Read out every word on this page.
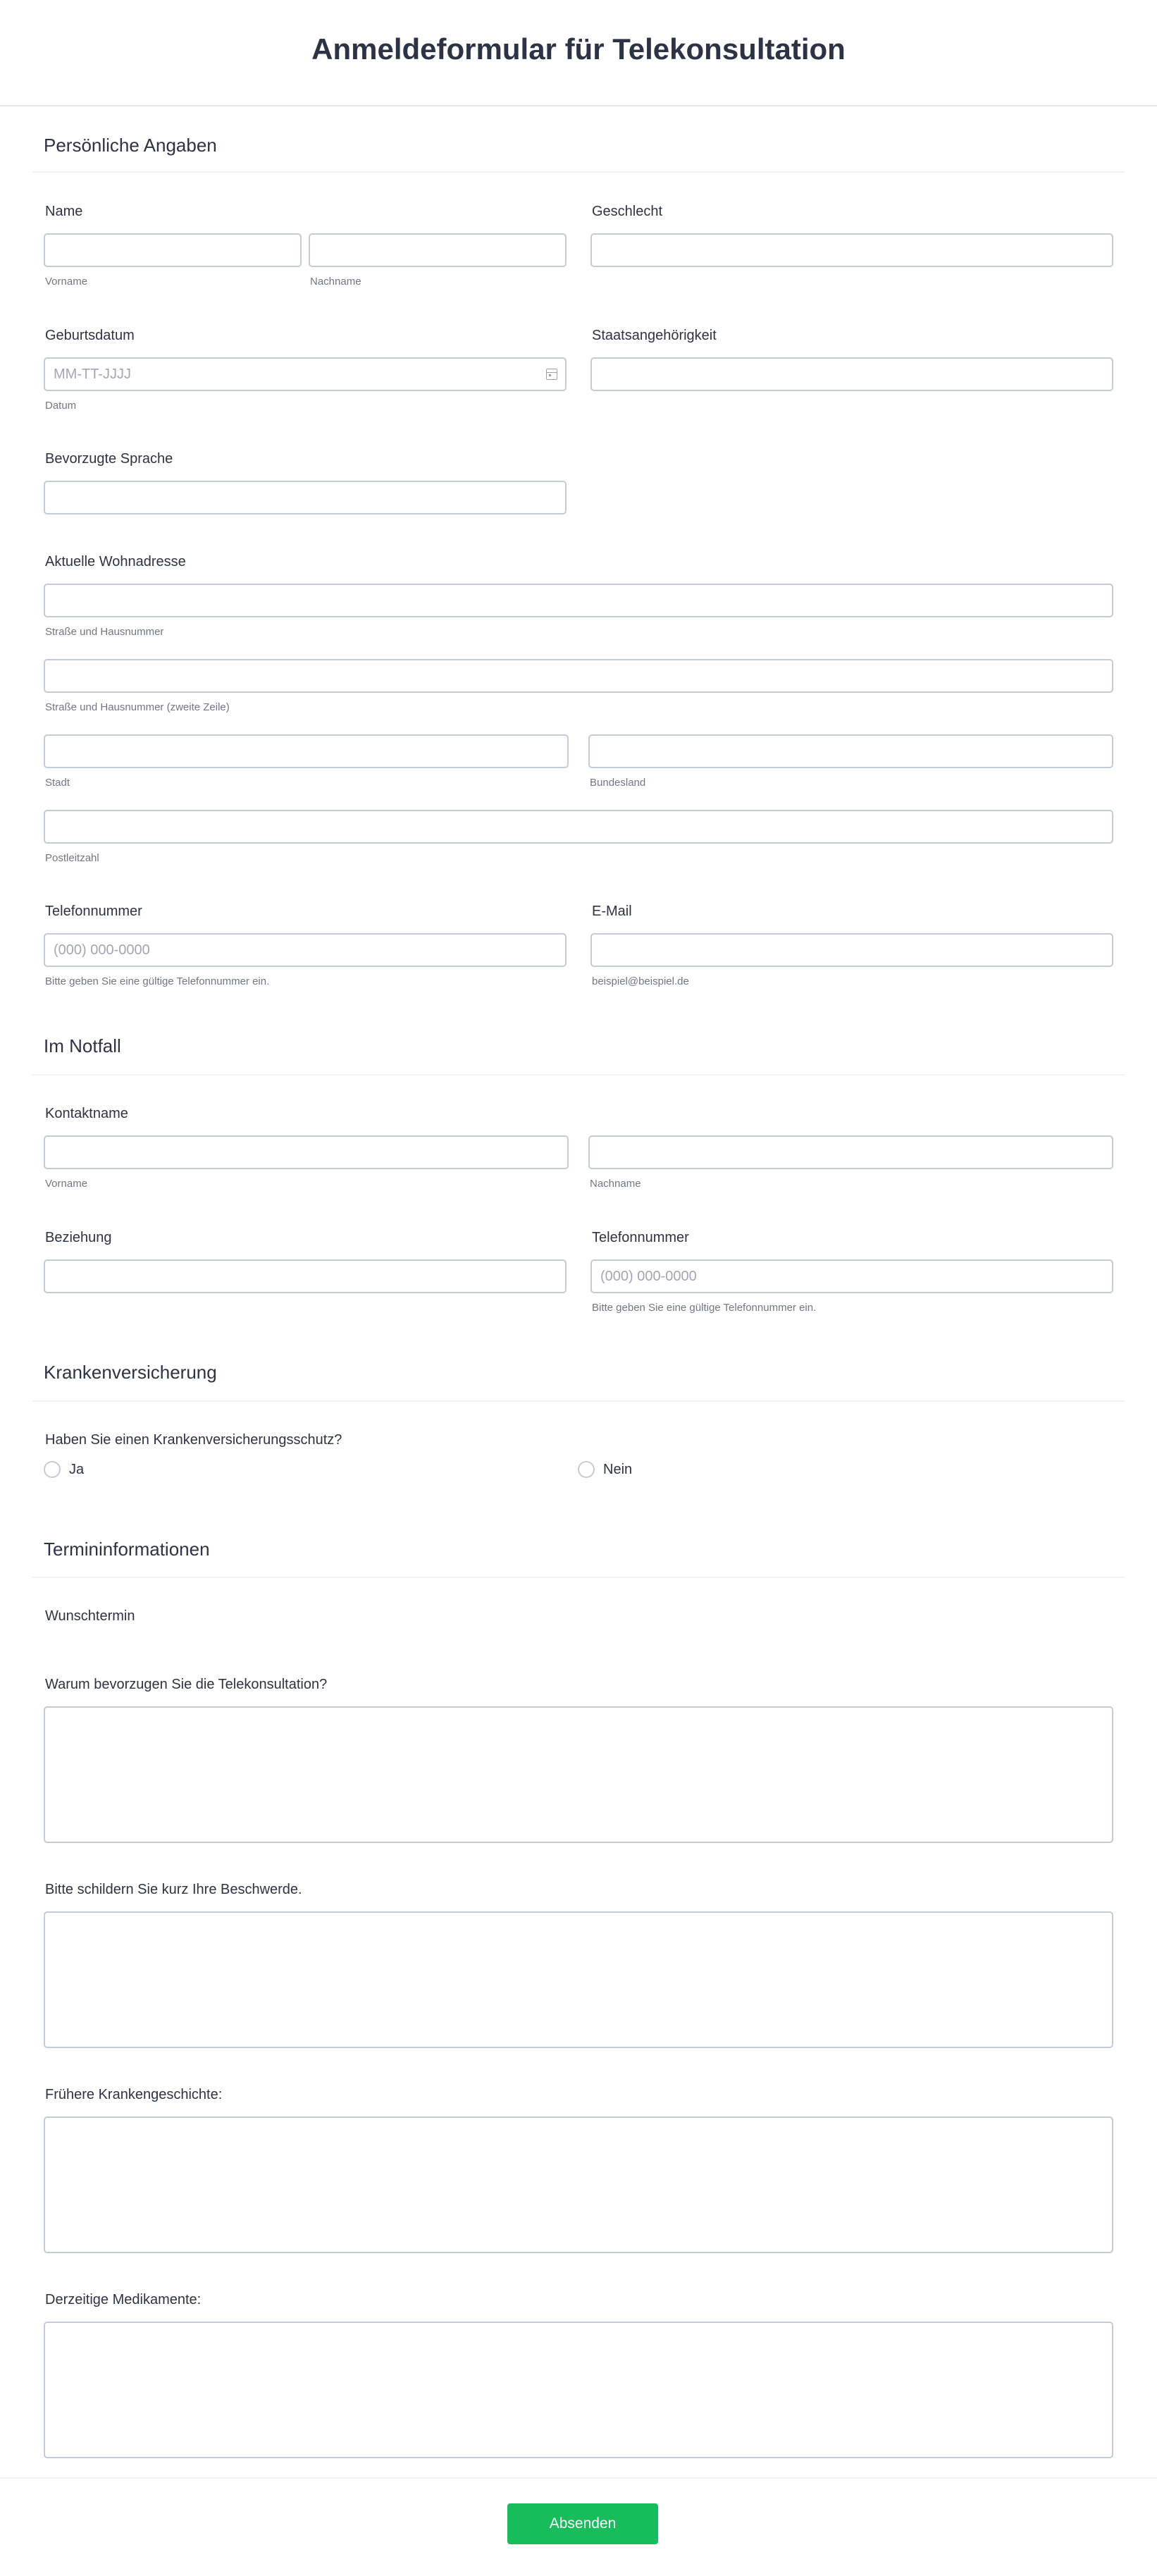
Anmeldeformular für Telekonsultation
Persönliche Angaben
Name
Vorname	Nachname
Geschlecht
Geburtsdatum
MM-TT-JJJJ
Datum
Staatsangehörigkeit
Bevorzugte Sprache
Aktuelle Wohnadresse
Straße und Hausnummer
Straße und Hausnummer (zweite Zeile)
Stadt	Bundesland
Postleitzahl
Telefonnummer
(000) 000-0000
Bitte geben Sie eine gültige Telefonnummer ein.
E-Mail
beispiel@beispiel.de
Im Notfall
Kontaktname
Vorname	Nachname
Beziehung	Telefonnummer
(000) 000-0000
Bitte geben Sie eine gültige Telefonnummer ein.
Krankenversicherung
Haben Sie einen Krankenversicherungsschutz?
Ja	Nein
Termininformationen
Wunschtermin
Warum bevorzugen Sie die Telekonsultation?
Bitte schildern Sie kurz Ihre Beschwerde.
Frühere Krankengeschichte:
Derzeitige Medikamente:
Absenden
